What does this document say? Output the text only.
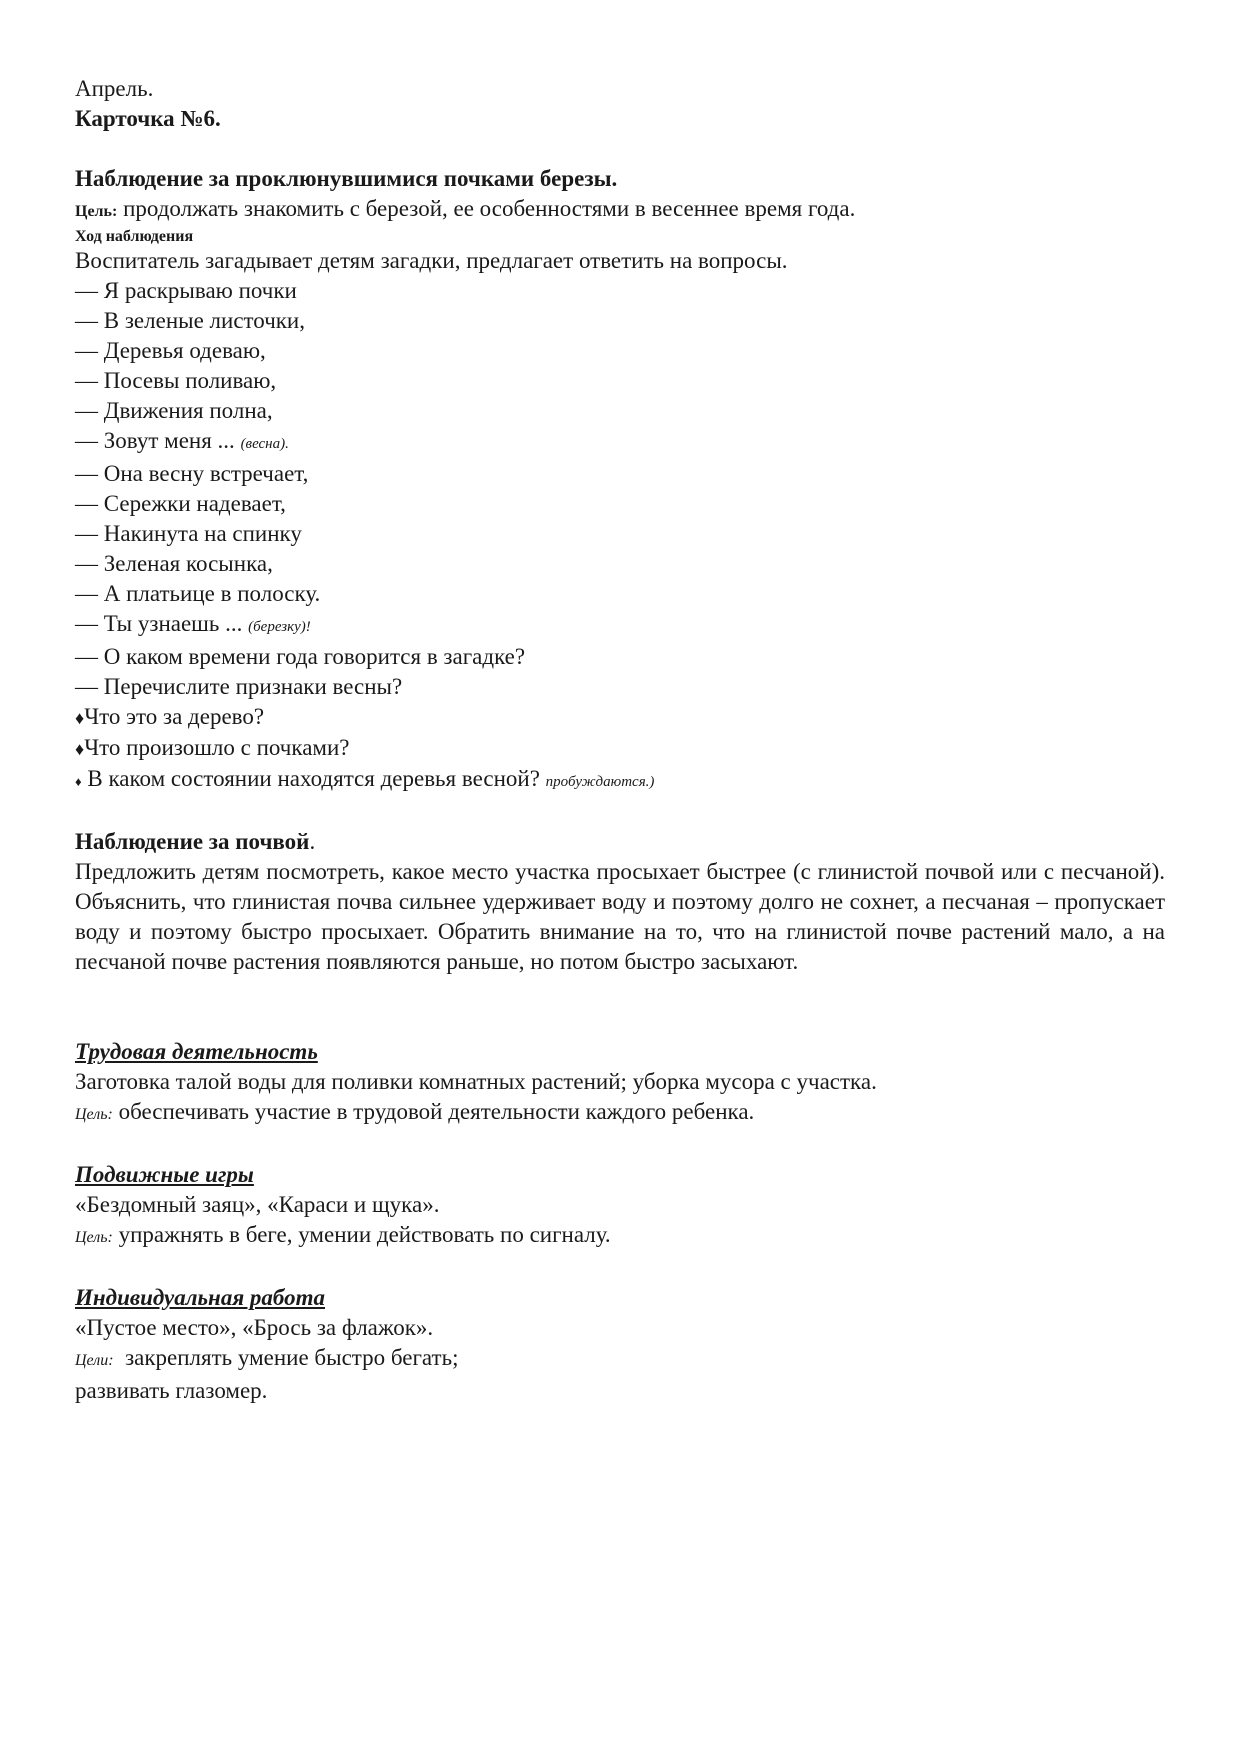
Апрель.
Карточка №6.
Наблюдение за проклюнувшимися почками березы.
Цель: продолжать знакомить с березой, ее особенностями в весеннее время года.
Ход наблюдения
Воспитатель загадывает детям загадки, предлагает ответить на вопросы.
— Я раскрываю почки
— В зеленые листочки,
— Деревья одеваю,
— Посевы поливаю,
— Движения полна,
— Зовут меня ... (весна).
— Она весну встречает,
— Сережки надевает,
— Накинута на спинку
— Зеленая косынка,
— А платьице в полоску.
— Ты узнаешь ... (березку)!
— О каком времени года говорится в загадке?
— Перечислите признаки весны?
♦Что это за дерево?
♦Что произошло с почками?
♦ В каком состоянии находятся деревья весной? пробуждаются.)
Наблюдение за почвой.
Предложить детям посмотреть, какое место участка просыхает быстрее (с глинистой почвой или с песчаной). Объяснить, что глинистая почва сильнее удерживает воду и поэтому долго не сохнет, а песчаная – пропускает воду и поэтому быстро просыхает. Обратить внимание на то, что на глинистой почве растений мало, а на песчаной почве растения появляются раньше, но потом быстро засыхают.
Трудовая деятельность
Заготовка талой воды для поливки комнатных растений; уборка мусора с участка.
Цель: обеспечивать участие в трудовой деятельности каждого ребенка.
Подвижные игры
«Бездомный заяц», «Караси и щука».
Цель: упражнять в беге, умении действовать по сигналу.
Индивидуальная работа
«Пустое место», «Брось за флажок».
Цели:  закреплять умение быстро бегать;
развивать глазомер.
